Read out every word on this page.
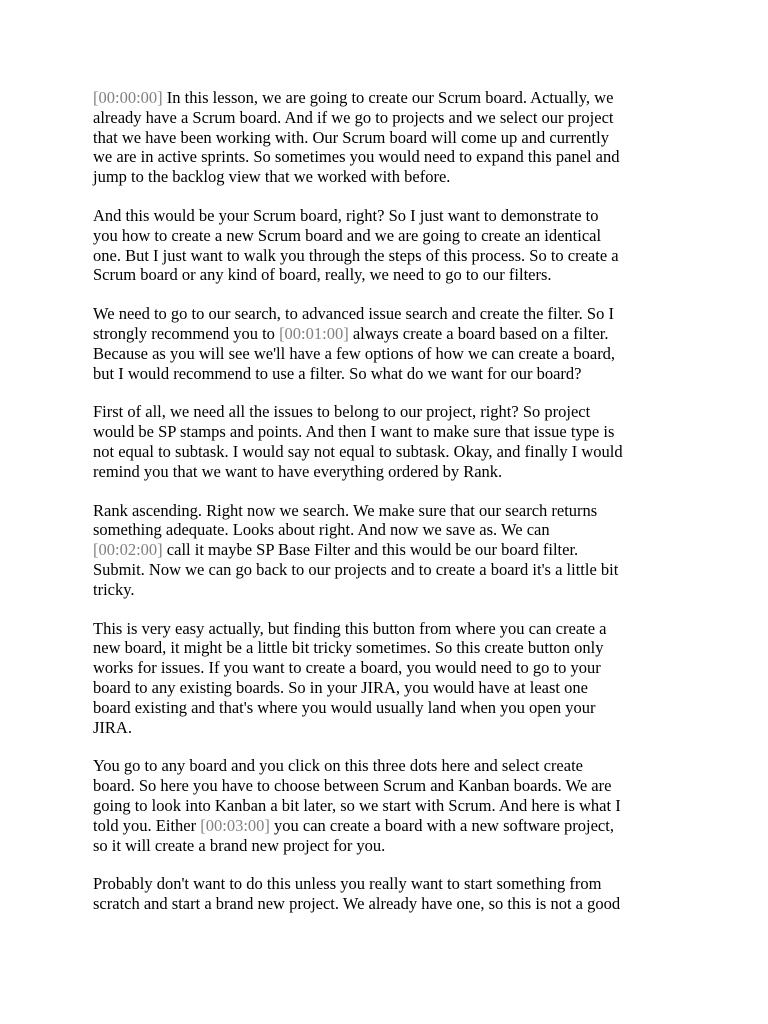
[00:00:00] In this lesson, we are going to create our Scrum board. Actually, we
already have a Scrum board. And if we go to projects and we select our project
that we have been working with. Our Scrum board will come up and currently
we are in active sprints. So sometimes you would need to expand this panel and
jump to the backlog view that we worked with before.

And this would be your Scrum board, right? So I just want to demonstrate to
you how to create a new Scrum board and we are going to create an identical
one. But I just want to walk you through the steps of this process. So to create a
Scrum board or any kind of board, really, we need to go to our filters.

We need to go to our search, to advanced issue search and create the filter. So I
strongly recommend you to [00:01:00] always create a board based on a filter.
Because as you will see we'll have a few options of how we can create a board,
but I would recommend to use a filter. So what do we want for our board?

First of all, we need all the issues to belong to our project, right? So project
would be SP stamps and points. And then I want to make sure that issue type is
not equal to subtask. I would say not equal to subtask. Okay, and finally I would
remind you that we want to have everything ordered by Rank.

Rank ascending. Right now we search. We make sure that our search returns
something adequate. Looks about right. And now we save as. We can
[00:02:00] call it maybe SP Base Filter and this would be our board filter.
Submit. Now we can go back to our projects and to create a board it's a little bit
tricky.

This is very easy actually, but finding this button from where you can create a
new board, it might be a little bit tricky sometimes. So this create button only
works for issues. If you want to create a board, you would need to go to your
board to any existing boards. So in your JIRA, you would have at least one
board existing and that's where you would usually land when you open your
JIRA.

You go to any board and you click on this three dots here and select create
board. So here you have to choose between Scrum and Kanban boards. We are
going to look into Kanban a bit later, so we start with Scrum. And here is what I
told you. Either [00:03:00] you can create a board with a new software project,
so it will create a brand new project for you.

Probably don't want to do this unless you really want to start something from
scratch and start a brand new project. We already have one, so this is not a good
